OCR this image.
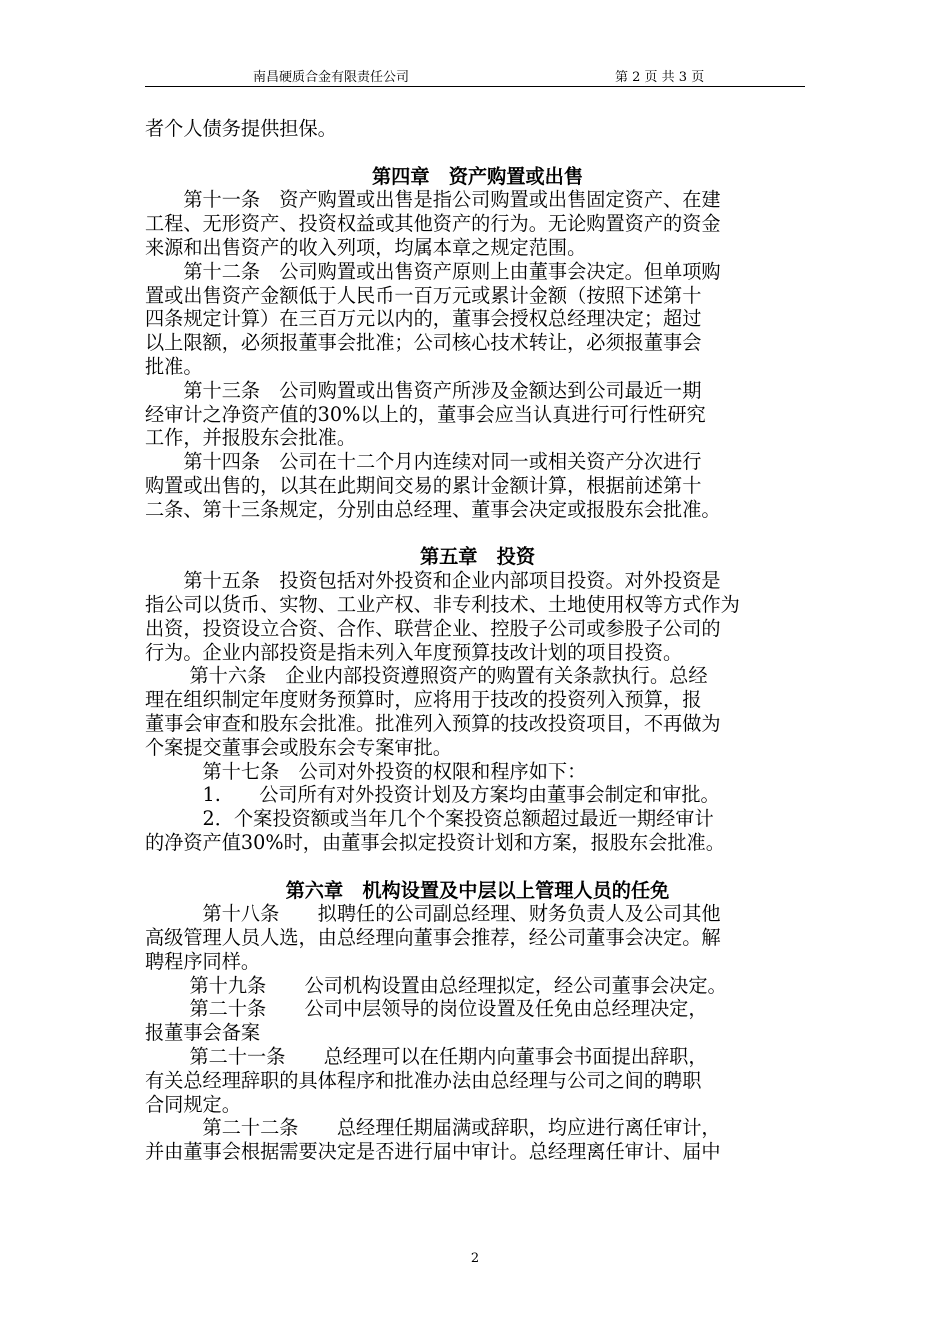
南昌硬质合金有限责任公司	第 2 页 共 3 页

者个人债务提供担保。

第四章　资产购置或出售

　　第十一条　资产购置或出售是指公司购置或出售固定资产、在建

工程、无形资产、投资权益或其他资产的行为。无论购置资产的资金

来源和出售资产的收入列项，均属本章之规定范围。

　　第十二条　公司购置或出售资产原则上由董事会决定。但单项购

置或出售资产金额低于人民币一百万元或累计金额（按照下述第十

四条规定计算）在三百万元以内的，董事会授权总经理决定；超过

以上限额，必须报董事会批准；公司核心技术转让，必须报董事会

批准。

　　第十三条　公司购置或出售资产所涉及金额达到公司最近一期

经审计之净资产值的30%以上的，董事会应当认真进行可行性研究

工作，并报股东会批准。

　　第十四条　公司在十二个月内连续对同一或相关资产分次进行

购置或出售的，以其在此期间交易的累计金额计算，根据前述第十

二条、第十三条规定，分别由总经理、董事会决定或报股东会批准。

第五章　投资

　　第十五条　投资包括对外投资和企业内部项目投资。对外投资是

指公司以货币、实物、工业产权、非专利技术、土地使用权等方式作为

出资，投资设立合资、合作、联营企业、控股子公司或参股子公司的

行为。企业内部投资是指未列入年度预算技改计划的项目投资。

　　 第十六条　企业内部投资遵照资产的购置有关条款执行。总经

理在组织制定年度财务预算时，应将用于技改的投资列入预算，报

董事会审查和股东会批准。批准列入预算的技改投资项目，不再做为

个案提交董事会或股东会专案审批。

　　　第十七条　公司对外投资的权限和程序如下：

　　　1.　　公司所有对外投资计划及方案均由董事会制定和审批。

　　　2．个案投资额或当年几个个案投资总额超过最近一期经审计

的净资产值30%时，由董事会拟定投资计划和方案，报股东会批准。

第六章　机构设置及中层以上管理人员的任免

　　　第十八条　　拟聘任的公司副总经理、财务负责人及公司其他

高级管理人员人选，由总经理向董事会推荐，经公司董事会决定。解

聘程序同样。

　　 第十九条　　公司机构设置由总经理拟定，经公司董事会决定。

　　 第二十条　　公司中层领导的岗位设置及任免由总经理决定，

报董事会备案

　　 第二十一条　　总经理可以在任期内向董事会书面提出辞职，

有关总经理辞职的具体程序和批准办法由总经理与公司之间的聘职

合同规定。

　　　第二十二条　　总经理任期届满或辞职，均应进行离任审计，

并由董事会根据需要决定是否进行届中审计。总经理离任审计、届中

2
